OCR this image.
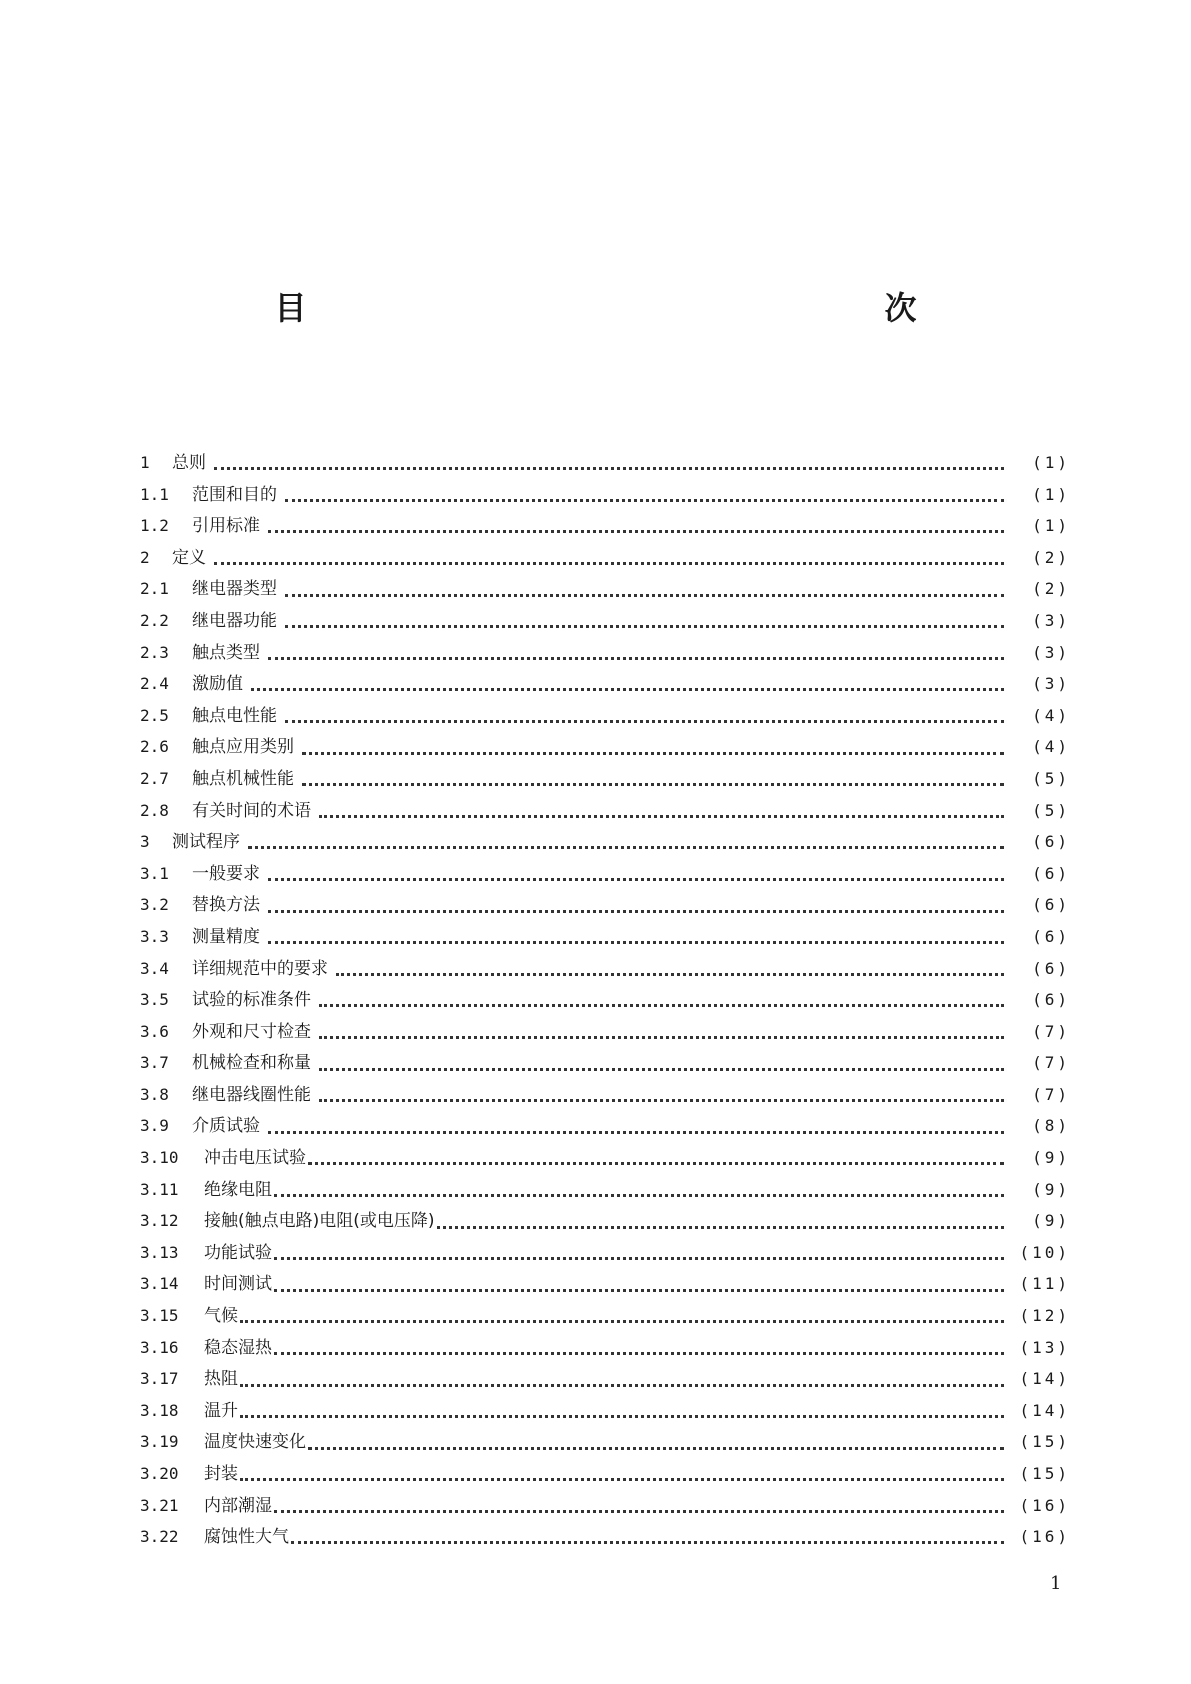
目　　　　次
1	总则	(1)
1.1	范围和目的	(1)
1.2	引用标准	(1)
2	定义	(2)
2.1	继电器类型	(2)
2.2	继电器功能	(3)
2.3	触点类型	(3)
2.4	激励值	(3)
2.5	触点电性能	(4)
2.6	触点应用类别	(4)
2.7	触点机械性能	(5)
2.8	有关时间的术语	(5)
3	测试程序	(6)
3.1	一般要求	(6)
3.2	替换方法	(6)
3.3	测量精度	(6)
3.4	详细规范中的要求	(6)
3.5	试验的标准条件	(6)
3.6	外观和尺寸检查	(7)
3.7	机械检查和称量	(7)
3.8	继电器线圈性能	(7)
3.9	介质试验	(8)
3.10	冲击电压试验	(9)
3.11	绝缘电阻	(9)
3.12	接触(触点电路)电阻(或电压降)	(9)
3.13	功能试验	(10)
3.14	时间测试	(11)
3.15	气候	(12)
3.16	稳态湿热	(13)
3.17	热阻	(14)
3.18	温升	(14)
3.19	温度快速变化	(15)
3.20	封装	(15)
3.21	内部潮湿	(16)
3.22	腐蚀性大气	(16)
1
